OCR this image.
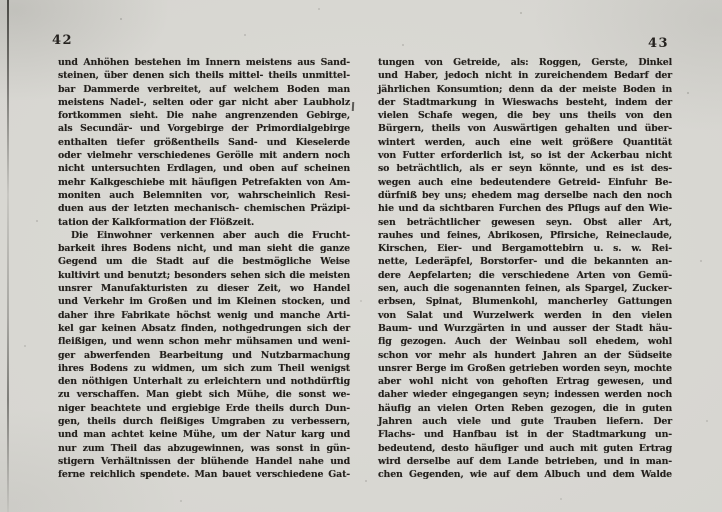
42
und Anhöhen bestehen im Innern meistens aus Sand-
steinen, über denen sich theils mittel- theils unmittel-
bar Dammerde verbreitet, auf welchem Boden man
meistens Nadel-, selten oder gar nicht aber Laubholz
fortkommen sieht. Die nahe angrenzenden Gebirge,
als Secundär- und Vorgebirge der Primordialgebirge
enthalten tiefer größentheils Sand- und Kieselerde
oder vielmehr verschiedenes Gerölle mit andern noch
nicht untersuchten Erdlagen, und oben auf scheinen
mehr Kalkgeschiebe mit häufigen Petrefakten von Am-
moniten auch Belemniten vor, wahrscheinlich Resi-
duen aus der letzten mechanisch- chemischen Präzipi-
tation der Kalkformation der Flößzeit.
Die Einwohner verkennen aber auch die Frucht-
barkeit ihres Bodens nicht, und man sieht die ganze
Gegend um die Stadt auf die bestmögliche Weise
kultivirt und benutzt; besonders sehen sich die meisten
unsrer Manufakturisten zu dieser Zeit, wo Handel
und Verkehr im Großen und im Kleinen stocken, und
daher ihre Fabrikate höchst wenig und manche Arti-
kel gar keinen Absatz finden, nothgedrungen sich der
fleißigen, und wenn schon mehr mühsamen und weni-
ger abwerfenden Bearbeitung und Nutzbarmachung
ihres Bodens zu widmen, um sich zum Theil wenigst
den nöthigen Unterhalt zu erleichtern und nothdürftig
zu verschaffen. Man giebt sich Mühe, die sonst we-
niger beachtete und ergiebige Erde theils durch Dun-
gen, theils durch fleißiges Umgraben zu verbessern,
und man achtet keine Mühe, um der Natur karg und
nur zum Theil das abzugewinnen, was sonst in gün-
stigern Verhältnissen der blühende Handel nahe und
ferne reichlich spendete. Man bauet verschiedene Gat-
43
tungen von Getreide, als: Roggen, Gerste, Dinkel
und Haber, jedoch nicht in zureichendem Bedarf der
jährlichen Konsumtion; denn da der meiste Boden in
der Stadtmarkung in Wieswachs besteht, indem der
vielen Schafe wegen, die bey uns theils von den
Bürgern, theils von Auswärtigen gehalten und über-
wintert werden, auch eine weit größere Quantität
von Futter erforderlich ist, so ist der Ackerbau nicht
so beträchtlich, als er seyn könnte, und es ist des-
wegen auch eine bedeutendere Getreid- Einfuhr Be-
dürfniß bey uns; ehedem mag derselbe nach den noch
hie und da sichtbaren Furchen des Pflugs auf den Wie-
sen beträchtlicher gewesen seyn. Obst aller Art,
rauhes und feines, Abrikosen, Pfirsiche, Reineclaude,
Kirschen, Eier- und Bergamottebirn u. s. w. Rei-
nette, Lederäpfel, Borstorfer- und die bekannten an-
dere Aepfelarten; die verschiedene Arten von Gemü-
sen, auch die sogenannten feinen, als Spargel, Zucker-
erbsen, Spinat, Blumenkohl, mancherley Gattungen
von Salat und Wurzelwerk werden in den vielen
Baum- und Wurzgärten in und ausser der Stadt häu-
fig gezogen. Auch der Weinbau soll ehedem, wohl
schon vor mehr als hundert Jahren an der Südseite
unsrer Berge im Großen getrieben worden seyn, mochte
aber wohl nicht von gehoften Ertrag gewesen, und
daher wieder eingegangen seyn; indessen werden noch
häufig an vielen Orten Reben gezogen, die in guten
Jahren auch viele und gute Trauben liefern. Der
Flachs- und Hanfbau ist in der Stadtmarkung un-
bedeutend, desto häufiger und auch mit guten Ertrag
wird derselbe auf dem Lande betrieben, und in man-
chen Gegenden, wie auf dem Albuch und dem Walde
